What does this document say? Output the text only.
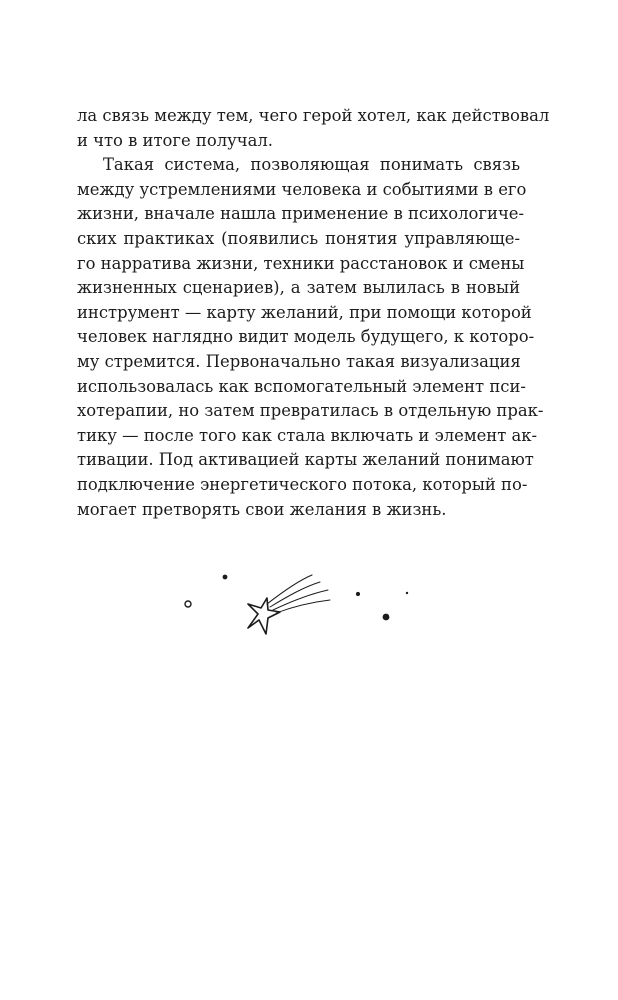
ла связь между тем, чего герой хотел, как действовал
и что в итоге получал.
Такая система, позволяющая понимать связь
между устремлениями человека и событиями в его
жизни, вначале нашла применение в психологиче-
ских практиках (появились понятия управляюще-
го нарратива жизни, техники расстановок и смены
жизненных сценариев), а затем вылилась в новый
инструмент — карту желаний, при помощи которой
человек наглядно видит модель будущего, к которо-
му стремится. Первоначально такая визуализация
использовалась как вспомогательный элемент пси-
хотерапии, но затем превратилась в отдельную прак-
тику — после того как стала включать и элемент ак-
тивации. Под активацией карты желаний понимают
подключение энергетического потока, который по-
могает претворять свои желания в жизнь.
